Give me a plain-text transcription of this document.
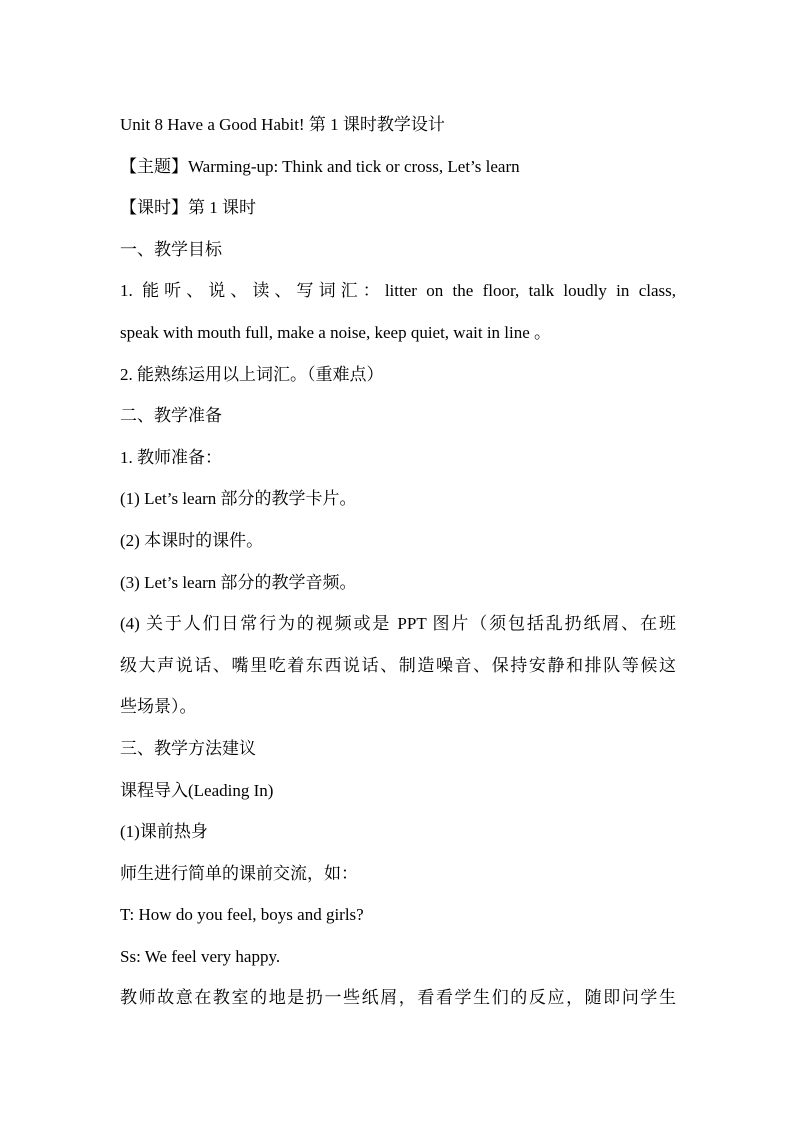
Unit 8 Have a Good Habit! 第 1 课时教学设计
【主题】Warming-up: Think and tick or cross, Let’s learn
【课时】第 1 课时
一、教学目标
1. 能听、说、读、写词汇：litter on the floor, talk loudly in class,
speak with mouth full, make a noise, keep quiet, wait in line 。
2. 能熟练运用以上词汇。（重难点）
二、教学准备
1. 教师准备：
(1) Let’s learn 部分的教学卡片。
(2) 本课时的课件。
(3) Let’s learn 部分的教学音频。
(4) 关于人们日常行为的视频或是 PPT 图片（须包括乱扔纸屑、在班
级大声说话、嘴里吃着东西说话、制造噪音、保持安静和排队等候这
些场景）。
三、教学方法建议
课程导入(Leading In)
(1)课前热身
师生进行简单的课前交流，如：
T: How do you feel, boys and girls?
Ss: We feel very happy.
教师故意在教室的地是扔一些纸屑，看看学生们的反应，随即问学生
